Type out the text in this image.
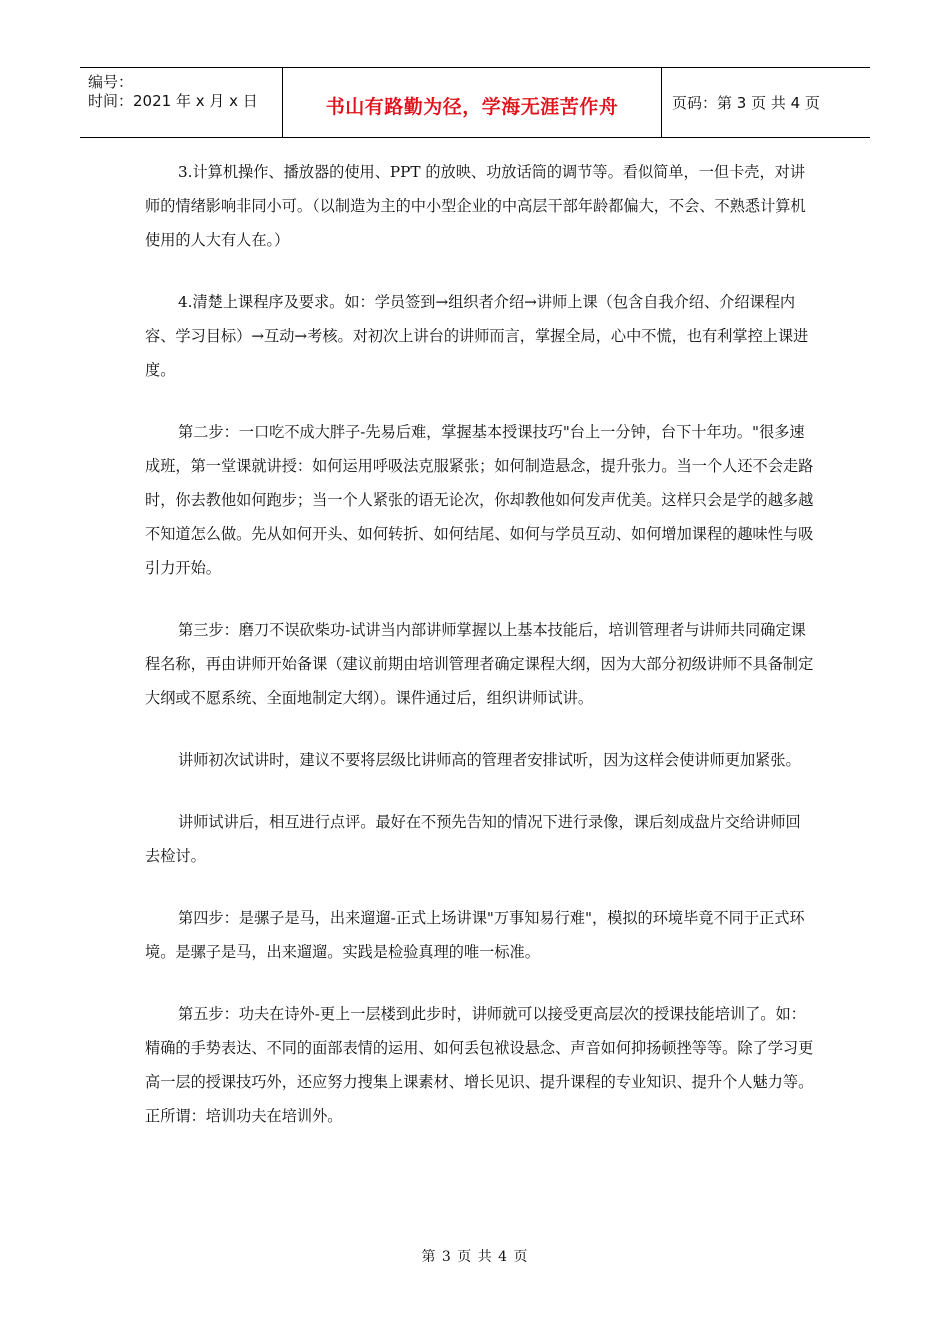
编号：
时间：2021 年 x 月 x 日	书山有路勤为径，学海无涯苦作舟	页码：第 3 页 共 4 页

3.计算机操作、播放器的使用、PPT 的放映、功放话筒的调节等。看似简单，一但卡壳，对讲师的情绪影响非同小可。（以制造为主的中小型企业的中高层干部年龄都偏大，不会、不熟悉计算机使用的人大有人在。）

4.清楚上课程序及要求。如：学员签到→组织者介绍→讲师上课（包含自我介绍、介绍课程内容、学习目标）→互动→考核。对初次上讲台的讲师而言，掌握全局，心中不慌，也有利掌控上课进度。

第二步：一口吃不成大胖子-先易后难，掌握基本授课技巧"台上一分钟，台下十年功。"很多速成班，第一堂课就讲授：如何运用呼吸法克服紧张；如何制造悬念，提升张力。当一个人还不会走路时，你去教他如何跑步；当一个人紧张的语无论次，你却教他如何发声优美。这样只会是学的越多越不知道怎么做。先从如何开头、如何转折、如何结尾、如何与学员互动、如何增加课程的趣味性与吸引力开始。

第三步：磨刀不误砍柴功-试讲当内部讲师掌握以上基本技能后，培训管理者与讲师共同确定课程名称，再由讲师开始备课（建议前期由培训管理者确定课程大纲，因为大部分初级讲师不具备制定大纲或不愿系统、全面地制定大纲）。课件通过后，组织讲师试讲。

讲师初次试讲时，建议不要将层级比讲师高的管理者安排试听，因为这样会使讲师更加紧张。

讲师试讲后，相互进行点评。最好在不预先告知的情况下进行录像，课后刻成盘片交给讲师回去检讨。

第四步：是骡子是马，出来遛遛-正式上场讲课"万事知易行难"，模拟的环境毕竟不同于正式环境。是骡子是马，出来遛遛。实践是检验真理的唯一标准。

第五步：功夫在诗外-更上一层楼到此步时，讲师就可以接受更高层次的授课技能培训了。如：精确的手势表达、不同的面部表情的运用、如何丢包袱设悬念、声音如何抑扬顿挫等等。除了学习更高一层的授课技巧外，还应努力搜集上课素材、增长见识、提升课程的专业知识、提升个人魅力等。正所谓：培训功夫在培训外。

第 3 页 共 4 页
